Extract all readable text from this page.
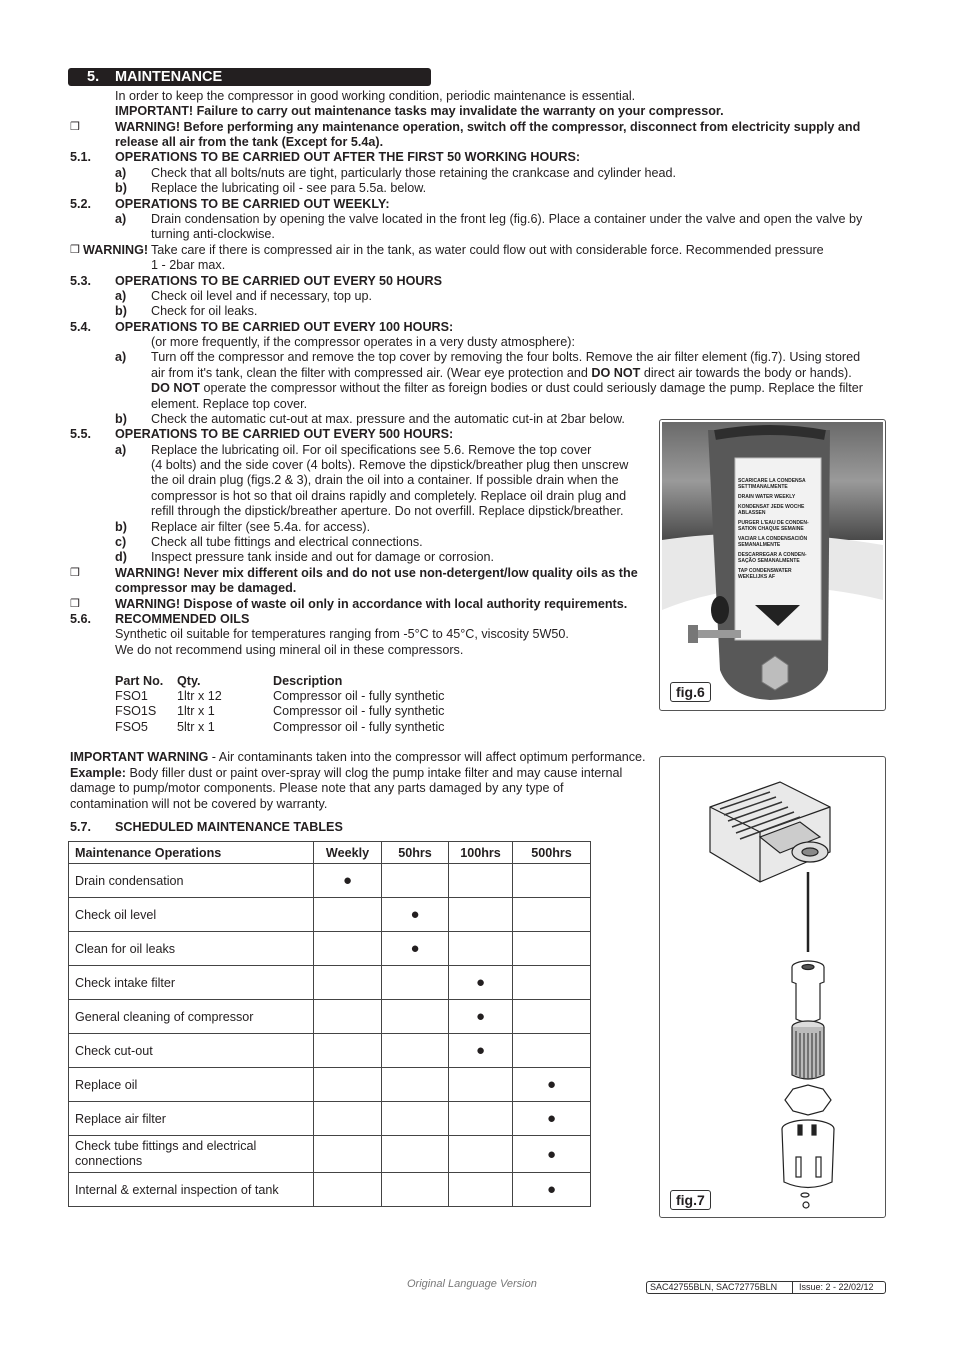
5. MAINTENANCE
In order to keep the compressor in good working condition, periodic maintenance is essential.
IMPORTANT! Failure to carry out maintenance tasks may invalidate the warranty on your compressor.
❒	WARNING! Before performing any maintenance operation, switch off the compressor, disconnect from electricity supply and
release all air from the tank (Except for 5.4a).
5.1. OPERATIONS TO BE CARRIED OUT AFTER THE FIRST 50 WORKING HOURS:
a) Check that all bolts/nuts are tight, particularly those retaining the crankcase and cylinder head.
b) Replace the lubricating oil - see para 5.5a. below.
5.2. OPERATIONS TO BE CARRIED OUT WEEKLY:
a) Drain condensation by opening the valve located in the front leg (fig.6). Place a container under the valve and open the valve by
turning anti-clockwise.
❒ WARNING! Take care if there is compressed air in the tank, as water could flow out with considerable force. Recommended pressure
1 - 2bar max.
5.3. OPERATIONS TO BE CARRIED OUT EVERY 50 HOURS
a) Check oil level and if necessary, top up.
b) Check for oil leaks.
5.4. OPERATIONS TO BE CARRIED OUT EVERY 100 HOURS:
(or more frequently, if the compressor operates in a very dusty atmosphere):
a) Turn off the compressor and remove the top cover by removing the four bolts. Remove the air filter element (fig.7). Using stored
air from it's tank, clean the filter with compressed air. (Wear eye protection and DO NOT direct air towards the body or hands).
DO NOT operate the compressor without the filter as foreign bodies or dust could seriously damage the pump. Replace the filter
element. Replace top cover.
b) Check the automatic cut-out at max. pressure and the automatic cut-in at 2bar below.
5.5. OPERATIONS TO BE CARRIED OUT EVERY 500 HOURS:
a) Replace the lubricating oil. For oil specifications see 5.6. Remove the top cover
(4 bolts) and the side cover (4 bolts). Remove the dipstick/breather plug then unscrew
the oil drain plug (figs.2 & 3), drain the oil into a container. If possible drain when the
compressor is hot so that oil drains rapidly and completely. Replace oil drain plug and
refill through the dipstick/breather aperture. Do not overfill. Replace dipstick/breather.
b) Replace air filter (see 5.4a. for access).
c) Check all tube fittings and electrical connections.
d) Inspect pressure tank inside and out for damage or corrosion.
❒	WARNING! Never mix different oils and do not use non-detergent/low quality oils as the
compressor may be damaged.
❒	WARNING! Dispose of waste oil only in accordance with local authority requirements.
5.6. RECOMMENDED OILS
Synthetic oil suitable for temperatures ranging from -5°C to 45°C, viscosity 5W50.
We do not recommend using mineral oil in these compressors.
Part No. Qty.	Description
FSO1 1ltr x 12	Compressor oil - fully synthetic
FSO1S 1ltr x 1	Compressor oil - fully synthetic
FSO5 5ltr x 1	Compressor oil - fully synthetic
IMPORTANT WARNING - Air contaminants taken into the compressor will affect optimum performance.
Example: Body filler dust or paint over-spray will clog the pump intake filter and may cause internal
damage to pump/motor components. Please note that any parts damaged by any type of
contamination will not be covered by warranty.
5.7. SCHEDULED MAINTENANCE TABLES
Maintenance Operations	Weekly	50hrs	100hrs	500hrs
Drain condensation	●			
Check oil level		●		
Clean for oil leaks		●		
Check intake filter			●	
General cleaning of compressor			●	
Check cut-out			●	
Replace oil				●
Replace air filter				●
Check tube fittings and electrical connections				●
Internal & external inspection of tank				●
SCARICARE LA CONDENSA SETTIMANALMENTE
DRAIN WATER WEEKLY
KONDENSAT JEDE WOCHE ABLASSEN
PURGER L'EAU DE CONDEN- SATION CHAQUE SEMAINE
VACIAR LA CONDENSACIÓN SEMANALMENTE
DESCARREGAR A CONDEN- SAÇÃO SEMANALMENTE
TAP CONDENSWATER WEKELIJKS AF
fig.6
fig.7
Original Language Version	SAC42755BLN, SAC72775BLN Issue: 2 - 22/02/12
